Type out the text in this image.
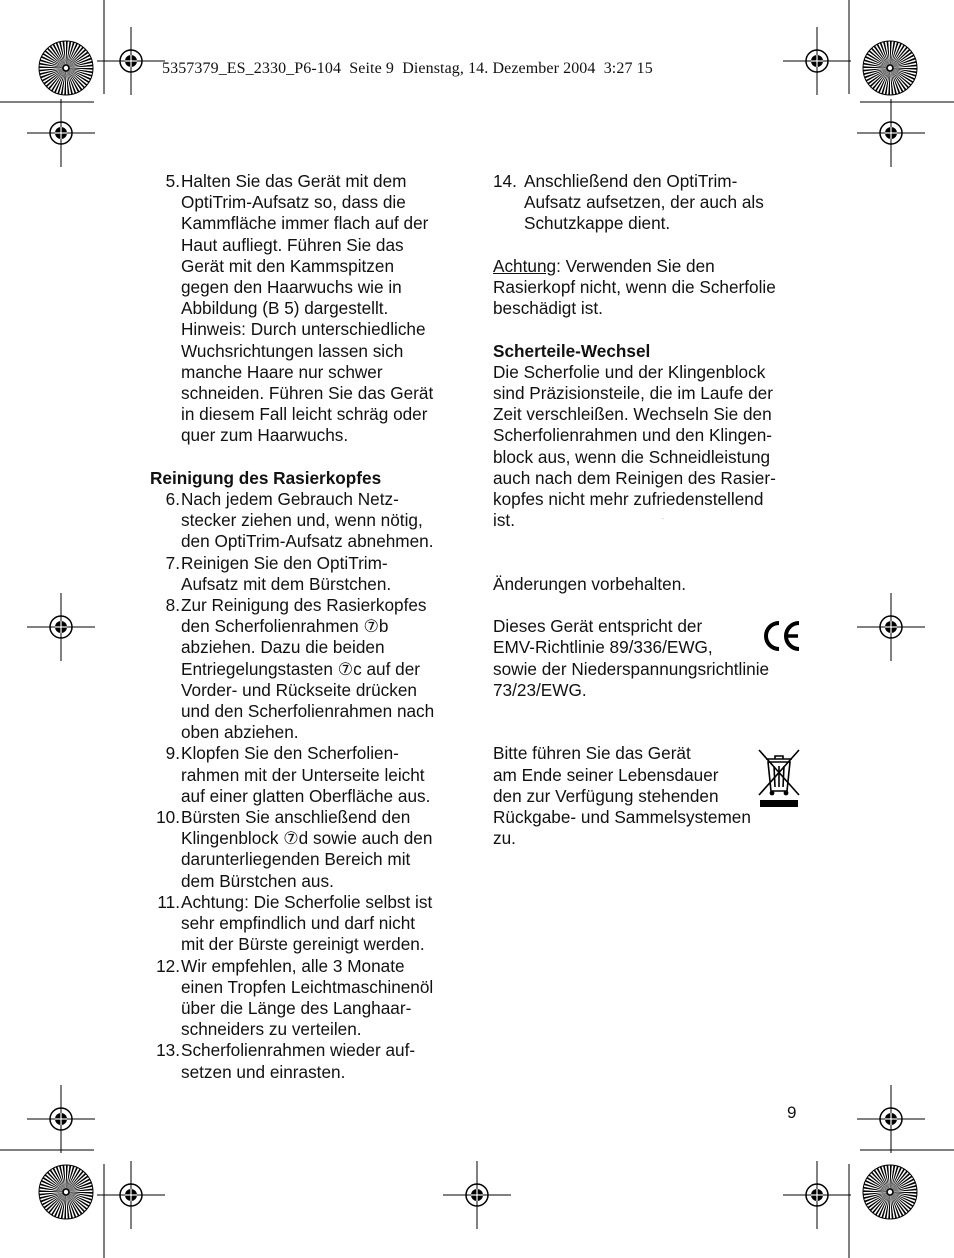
5357379_ES_2330_P6-104  Seite 9  Dienstag, 14. Dezember 2004  3:27 15
5. Halten Sie das Gerät mit dem
OptiTrim-Aufsatz so, dass die
Kammfläche immer flach auf der
Haut aufliegt. Führen Sie das
Gerät mit den Kammspitzen
gegen den Haarwuchs wie in
Abbildung (B 5) dargestellt.
Hinweis: Durch unterschiedliche
Wuchsrichtungen lassen sich
manche Haare nur schwer
schneiden. Führen Sie das Gerät
in diesem Fall leicht schräg oder
quer zum Haarwuchs.
Reinigung des Rasierkopfes
6. Nach jedem Gebrauch Netz-
stecker ziehen und, wenn nötig,
den OptiTrim-Aufsatz abnehmen.
7. Reinigen Sie den OptiTrim-
Aufsatz mit dem Bürstchen.
8. Zur Reinigung des Rasierkopfes
den Scherfolienrahmen ⑦b
abziehen. Dazu die beiden
Entriegelungstasten ⑦c auf der
Vorder- und Rückseite drücken
und den Scherfolienrahmen nach
oben abziehen.
9. Klopfen Sie den Scherfolien-
rahmen mit der Unterseite leicht
auf einer glatten Oberfläche aus.
10. Bürsten Sie anschließend den
Klingenblock ⑦d sowie auch den
darunterliegenden Bereich mit
dem Bürstchen aus.
11. Achtung: Die Scherfolie selbst ist
sehr empfindlich und darf nicht
mit der Bürste gereinigt werden.
12. Wir empfehlen, alle 3 Monate
einen Tropfen Leichtmaschinenöl
über die Länge des Langhaar-
schneiders zu verteilen.
13. Scherfolienrahmen wieder auf-
setzen und einrasten.
14. Anschließend den OptiTrim-
Aufsatz aufsetzen, der auch als
Schutzkappe dient.
Achtung: Verwenden Sie den
Rasierkopf nicht, wenn die Scherfolie
beschädigt ist.
Scherteile-Wechsel
Die Scherfolie und der Klingenblock
sind Präzisionsteile, die im Laufe der
Zeit verschleißen. Wechseln Sie den
Scherfolienrahmen und den Klingen-
block aus, wenn die Schneidleistung
auch nach dem Reinigen des Rasier-
kopfes nicht mehr zufriedenstellend
ist.
Änderungen vorbehalten.
Dieses Gerät entspricht der
EMV-Richtlinie 89/336/EWG,
sowie der Niederspannungsrichtlinie
73/23/EWG.
Bitte führen Sie das Gerät
am Ende seiner Lebensdauer
den zur Verfügung stehenden
Rückgabe- und Sammelsystemen
zu.
CE
9
